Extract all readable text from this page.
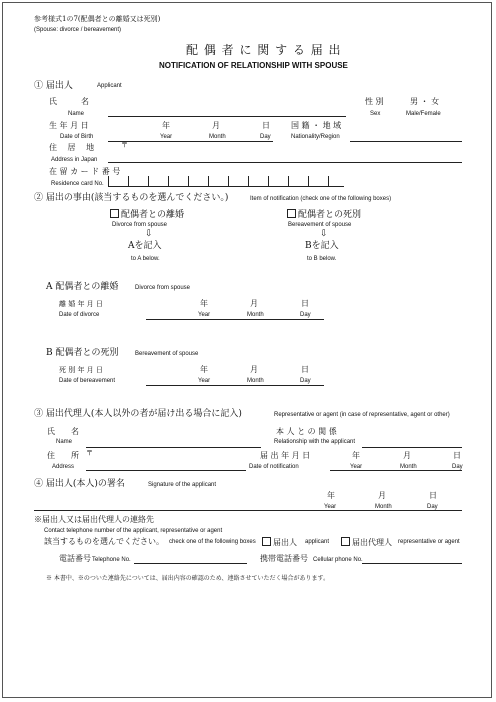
参考様式1の7(配偶者との離婚又は死別)
(Spouse: divorce / bereavement)
配 偶 者 に 関 す る 届 出
NOTIFICATION OF RELATIONSHIP WITH SPOUSE
① 届出人	Applicant
氏　　　名
Name
性 別
Sex
男 ・ 女
Male/Female
生 年 月 日
Date of Birth
年
Year
月
Month
日
Day
国 籍 ・ 地 域
Nationality/Region
住　 居 　地	〒
Address in Japan
在 留 カ ー ド 番 号
Residence card No.
② 届出の事由(該当するものを選んでください。)	Item of notification (check one of the following boxes)
配偶者との離婚
Divorce from spouse
⇩
Aを記入
to A below.
配偶者との死別
Bereavement of spouse
⇩
Bを記入
to B below.
A 配偶者との離婚	Divorce from spouse
離 婚 年 月 日
Date of divorce
年
Year
月
Month
日
Day
B 配偶者との死別	Bereavement of spouse
死 別 年 月 日
Date of bereavement
年
Year
月
Month
日
Day
③ 届出代理人(本人以外の者が届け出る場合に記入)	Representative or agent (in case of representative, agent or other)
氏　　名
Name
本 人 と の 関 係
Relationship with the applicant
住　　所 〒
Address
届 出 年 月 日
Date of notification
年
Year
月
Month
日
Day
④ 届出人(本人)の署名	Signature of the applicant
年
Year
月
Month
日
Day
※届出人又は届出代理人の連絡先
Contact telephone number of the applicant, representative or agent
該当するものを選んでください。 check one of the following boxes	届出人 applicant	届出代理人 representative or agent
電話番号 Telephone No.	携帯電話番号 Cellular phone No.
※ 本書中、※のついた連絡先については、届出内容の確認のため、連絡させていただく場合があります。
